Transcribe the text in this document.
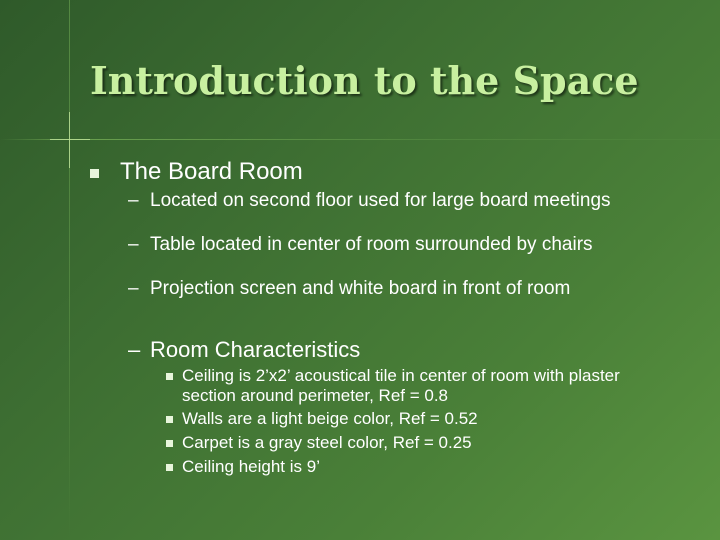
Introduction to the Space
The Board Room
– Located on second floor used for large board meetings
– Table located in center of room surrounded by chairs
– Projection screen and white board in front of room
– Room Characteristics
Ceiling is 2’x2’ acoustical tile in center of room with plaster section around perimeter, Ref = 0.8
Walls are a light beige color, Ref = 0.52
Carpet is a gray steel color, Ref = 0.25
Ceiling height is 9’
